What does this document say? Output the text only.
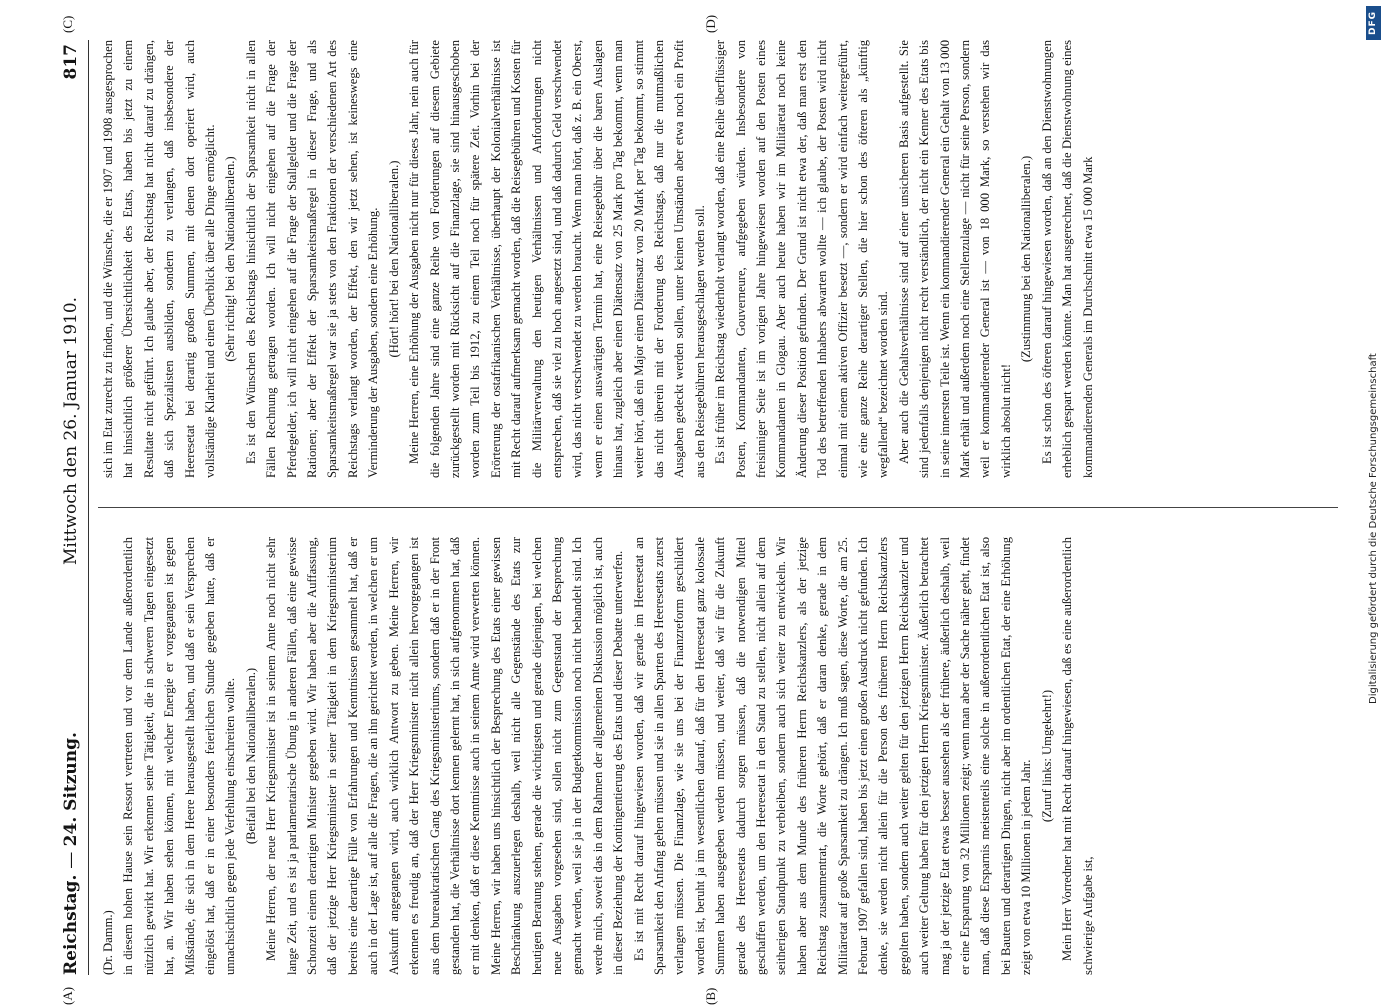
Reichstag. — 24. Sitzung.
Mittwoch den 26. Januar 1910.
817
(A)	(B)
(C)	(D)

(Dr. Damm.) in diesem hohen Hause sein Ressort vertreten und vor dem Lande außerordentlich nützlich gewirkt hat. Wir erkennen seine Tätigkeit, die in schweren Tagen eingesetzt hat, an. Wir haben sehen können, mit welcher Energie er vorgegangen ist gegen Mißstände, die sich in dem Heere herausgestellt haben, und daß er sein Versprechen eingelöst hat, daß er in einer besonders feierlichen Stunde gegeben hatte, daß er unnachsichtlich gegen jede Verfehlung einschreiten wollte. (Beifall bei den Nationalliberalen.) Meine Herren, der neue Herr Kriegsminister ist in seinem Amte noch nicht sehr lange Zeit, und es ist ja parlamentarische Übung in anderen Fällen, daß eine gewisse Schonzeit einem derartigen Minister gegeben wird. Wir haben aber die Auffassung, daß der jetzige Herr Kriegsminister in seiner Tätigkeit in dem Kriegsministerium bereits eine derartige Fülle von Erfahrungen und Kenntnissen gesammelt hat, daß er auch in der Lage ist, auf alle die Fragen, die an ihn gerichtet werden, in welchen er um Auskunft angegangen wird, auch wirklich Antwort zu geben. Meine Herren, wir erkennen es freudig an, daß der Herr Kriegsminister nicht allein hervorgegangen ist aus dem bureaukratischen Gang des Kriegsministeriums, sondern daß er in der Front gestanden hat, die Verhältnisse dort kennen gelernt hat, in sich aufgenommen hat, daß er mit denken, daß er diese Kenntnisse auch in seinem Amte wird verwerten können. Meine Herren, wir haben uns hinsichtlich der Besprechung des Etats einer gewissen Beschränkung auszuerlegen deshalb, weil nicht alle Gegenstände des Etats zur heutigen Beratung stehen, gerade die wichtigsten und gerade diejenigen, bei welchen neue Ausgaben vorgesehen sind, sollen nicht zum Gegenstand der Besprechung gemacht werden, weil sie ja in der Budgetkommission noch nicht behandelt sind. Ich werde mich, soweit das in dem Rahmen der allgemeinen Diskussion möglich ist, auch in dieser Beziehung der Kontingentierung des Etats und dieser Debatte unterwerfen. Es ist mit Recht darauf hingewiesen worden, daß wir gerade im Heeresetat an Sparsamkeit den Anfang gehen müssen und sie in allen Sparten des Heeresetats zuerst verlangen müssen. Die Finanzlage, wie sie uns bei der Finanzreform geschildert worden ist, beruht ja im wesentlichen darauf, daß für den Heeresetat ganz kolossale Summen haben ausgegeben werden müssen, und weiter, daß wir für die Zukunft gerade des Heeresetats dadurch sorgen müssen, daß die notwendigen Mittel geschaffen werden, um den Heeresetat in den Stand zu stellen, nicht allein auf dem seitherigen Standpunkt zu verbleiben, sondern auch sich weiter zu entwickeln. Wir haben aber aus dem Munde des früheren Herrn Reichskanzlers, als der jetzige Reichstag zusammentrat, die Worte gehört, daß er daran denke, gerade in dem Militäretat auf große Sparsamkeit zu drängen. Ich muß sagen, diese Worte, die am 25. Februar 1907 gefallen sind, haben bis jetzt einen großen Ausdruck nicht gefunden. Ich denke, sie werden nicht allein für die Person des früheren Herrn Reichskanzlers gegolten haben, sondern auch weiter gelten für den jetzigen Herrn Reichskanzler und auch weiter Geltung haben für den jetzigen Herrn Kriegsminister. Äußerlich betrachtet mag ja der jetzige Etat etwas besser aussehen als der frühere, äußerlich deshalb, weil er eine Ersparung von 32 Millionen zeigt; wenn man aber der Sache näher geht, findet man, daß diese Ersparnis meistenteils eine solche in außerordentlichen Etat ist, also bei Bauten und derartigen Dingen, nicht aber im ordentlichen Etat, der eine Erhöhung zeigt von etwa 10 Millionen in jedem Jahr.

(Zuruf links: Umgekehrt!) Mein Herr Vorredner hat mit Recht darauf hingewiesen, daß es eine außerordentlich schwierige Aufgabe ist,

sich im Etat zurecht zu finden, und die Wünsche, die er 1907 und 1908 ausgesprochen hat hinsichtlich größerer Übersichtlichkeit des Etats, haben bis jetzt zu einem Resultate nicht geführt. Ich glaube aber, der Reichstag hat nicht darauf zu drängen, daß sich Spezialisten ausbilden, sondern zu verlangen, daß insbesondere der Heeresetat bei derartig großen Summen, mit denen dort operiert wird, auch vollständige Klarheit und einen Überblick über alle Dinge ermöglicht. (Sehr richtig! bei den Nationalliberalen.) Es ist den Wünschen des Reichstags hinsichtlich der Sparsamkeit nicht in allen Fällen Rechnung getragen worden. Ich will nicht eingehen auf die Frage der Pferdegelder, ich will nicht eingehen auf die Frage der Stallgelder und die Frage der Rationen; aber der Effekt der Sparsamkeitsmaßregel in dieser Frage, und als Sparsamkeitsmaßregel war sie ja stets von den Fraktionen der verschiedenen Art des Reichstags verlangt worden, der Effekt, den wir jetzt sehen, ist keineswegs eine Verminderung der Ausgaben, sondern eine Erhöhung. (Hört! hört! bei den Nationalliberalen.) Meine Herren, eine Erhöhung der Ausgaben nicht nur für dieses Jahr, nein auch für die folgenden Jahre sind eine ganze Reihe von Forderungen auf diesem Gebiete zurückgestellt worden mit Rücksicht auf die Finanzlage, sie sind hinausgeschoben worden zum Teil bis 1912, zu einem Teil noch für spätere Zeit. Vorhin bei der Erörterung der ostafrikanischen Verhältnisse, überhaupt der Kolonialverhältnisse ist mit Recht darauf aufmerksam gemacht worden, daß die Reisegebühren und Kosten für die Militärverwaltung den heutigen Verhältnissen und Anforderungen nicht entsprechen, daß sie viel zu hoch angesetzt sind, und daß dadurch Geld verschwendet wird, das nicht verschwendet zu werden braucht. Wenn man hört, daß z. B. ein Oberst, wenn er einen auswärtigen Termin hat, eine Reisegebühr über die baren Auslagen hinaus hat, zugleich aber einen Diätensatz von 25 Mark pro Tag bekommt, wenn man weiter hört, daß ein Major einen Diätensatz von 20 Mark per Tag bekommt, so stimmt das nicht überein mit der Forderung des Reichstags, daß nur die mutmaßlichen Ausgaben gedeckt werden sollen, unter keinen Umständen aber etwa noch ein Profit aus den Reisegebühren herausgeschlagen werden soll. Es ist früher im Reichstag wiederholt verlangt worden, daß eine Reihe überflüssiger Posten, Kommandanten, Gouverneure, aufgegeben würden. Insbesondere von freisinniger Seite ist im vorigen Jahre hingewiesen worden auf den Posten eines Kommandanten in Glogau. Aber auch heute haben wir im Militäretat noch keine Änderung dieser Position gefunden. Der Grund ist nicht etwa der, daß man erst den Tod des betreffenden Inhabers abwarten wollte — ich glaube, der Posten wird nicht einmal mit einem aktiven Offizier besetzt —, sondern er wird einfach weitergeführt, wie eine ganze Reihe derartiger Stellen, die hier schon des öfteren als „künftig wegfallend“ bezeichnet worden sind. Aber auch die Gehaltsverhältnisse sind auf einer unsicheren Basis aufgestellt. Sie sind jedenfalls denjenigen nicht recht verständlich, der nicht ein Kenner des Etats bis in seine innersten Teile ist. Wenn ein kommandierender General ein Gehalt von 13 000 Mark erhält und außerdem noch eine Stellenzulage — nicht für seine Person, sondern weil er kommandierender General ist — von 18 000 Mark, so verstehen wir das wirklich absolut nicht!

(Zustimmung bei den Nationalliberalen.) Es ist schon des öfteren darauf hingewiesen worden, daß an den Dienstwohnungen erheblich gespart werden könnte. Man hat ausgerechnet, daß die Dienstwohnung eines kommandierenden Generals im Durchschnitt etwa 15 000 Mark

DFG
Digitalisierung gefördert durch die Deutsche Forschungsgemeinschaft
